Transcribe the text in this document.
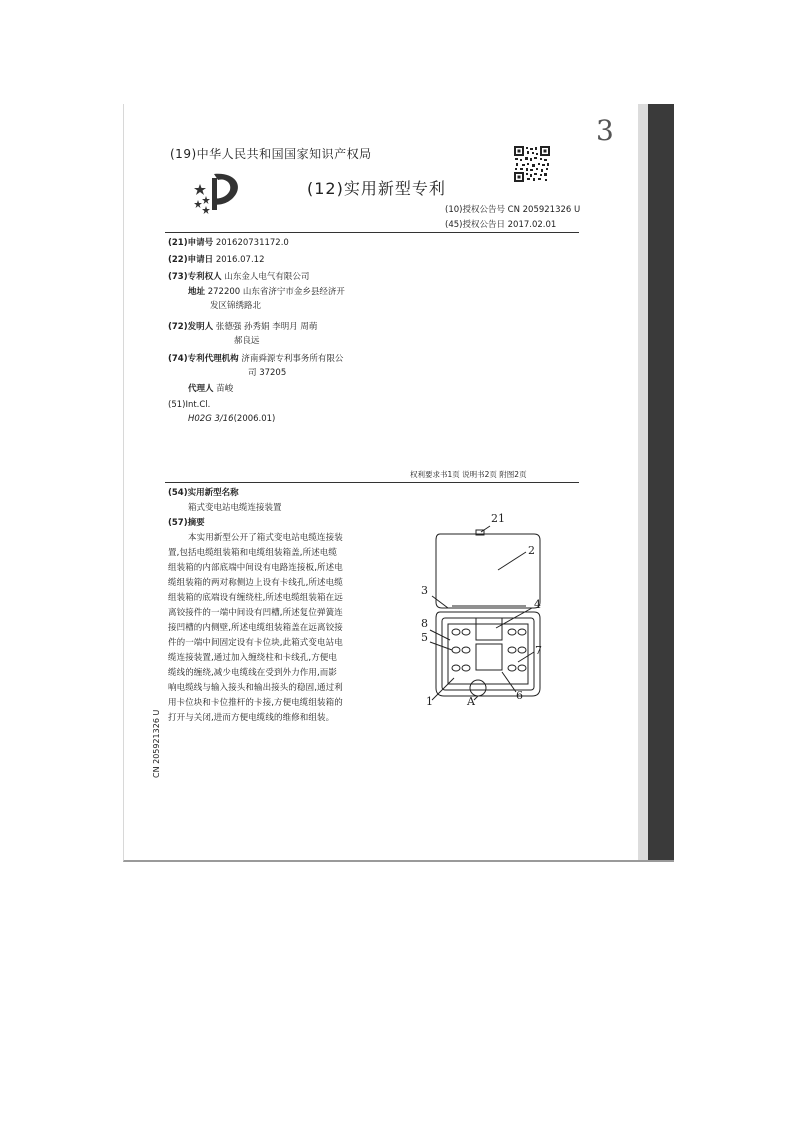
3
(19)中华人民共和国国家知识产权局
(12)实用新型专利
(10)授权公告号 CN 205921326 U
(45)授权公告日 2017.02.01
(21)申请号 201620731172.0
(22)申请日 2016.07.12
(73)专利权人 山东金人电气有限公司
地址 272200 山东省济宁市金乡县经济开
发区锦绣路北
(72)发明人 张德强 孙秀娟 李明月 周萌
郝良远
(74)专利代理机构 济南舜源专利事务所有限公
司 37205
代理人 苗峻
(51)Int.Cl.
H02G 3/16(2006.01)
权利要求书1页 说明书2页 附图2页
(54)实用新型名称
箱式变电站电缆连接装置
(57)摘要
本实用新型公开了箱式变电站电缆连接装
置,包括电缆组装箱和电缆组装箱盖,所述电缆
组装箱的内部底端中间设有电路连接板,所述电
缆组装箱的两对称侧边上设有卡线孔,所述电缆
组装箱的底端设有缠绕柱,所述电缆组装箱在远
离铰接件的一端中间设有凹槽,所述复位弹簧连
接凹槽的内侧壁,所述电缆组装箱盖在远离铰接
件的一端中间固定设有卡位块,此箱式变电站电
缆连接装置,通过加入缠绕柱和卡线孔,方便电
缆线的缠绕,减少电缆线在受到外力作用,而影
响电缆线与输入接头和输出接头的稳固,通过利
用卡位块和卡位推杆的卡接,方便电缆组装箱的
打开与关闭,进而方便电缆线的维修和组装。
21
2
3
4
8
5
7
1	A	6
CN 205921326 U
